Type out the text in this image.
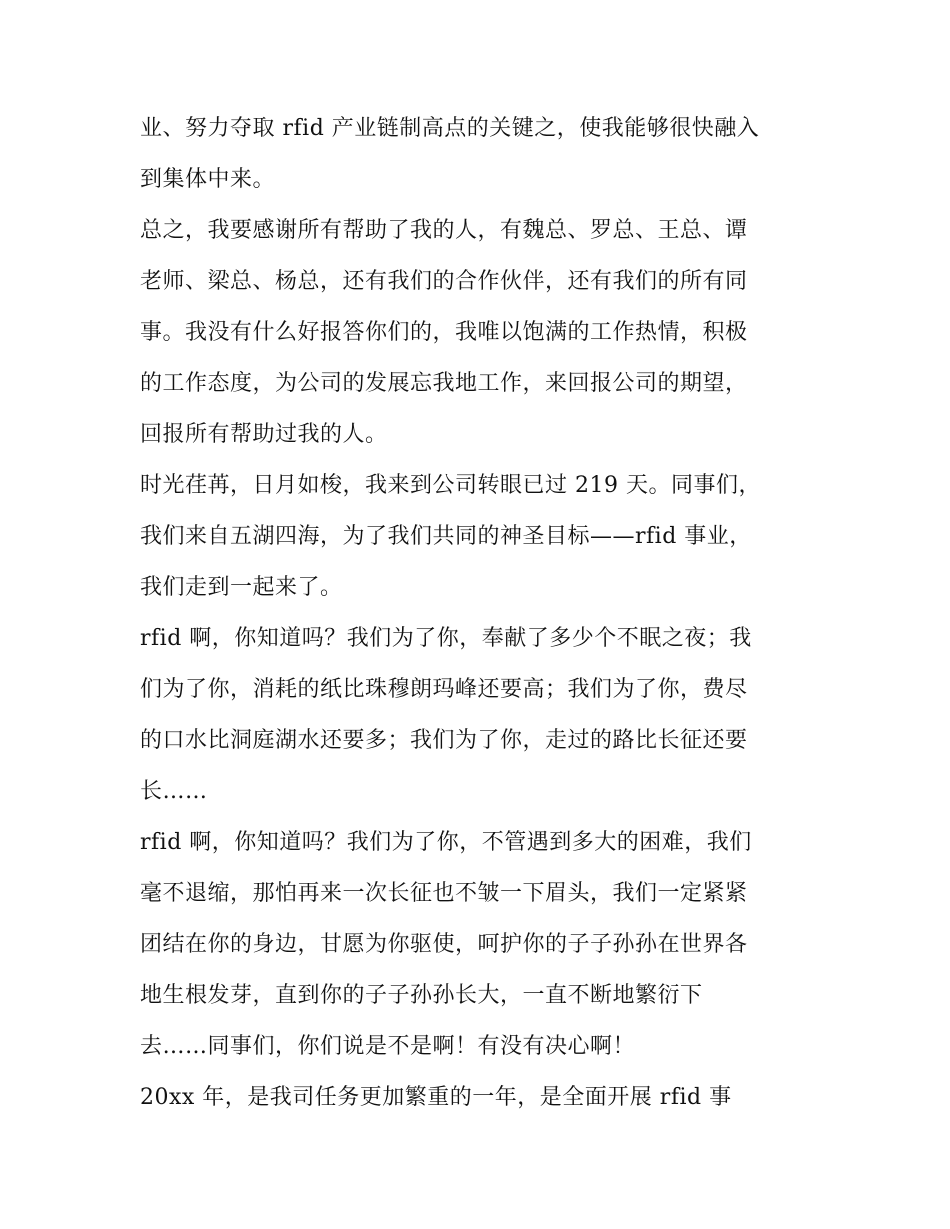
业、努力夺取 rfid 产业链制高点的关键之，使我能够很快融入
到集体中来。
总之，我要感谢所有帮助了我的人，有魏总、罗总、王总、谭
老师、梁总、杨总，还有我们的合作伙伴，还有我们的所有同
事。我没有什么好报答你们的，我唯以饱满的工作热情，积极
的工作态度，为公司的发展忘我地工作，来回报公司的期望，
回报所有帮助过我的人。
时光荏苒，日月如梭，我来到公司转眼已过 219 天。同事们，
我们来自五湖四海，为了我们共同的神圣目标——rfid 事业，
我们走到一起来了。
rfid 啊，你知道吗？我们为了你，奉献了多少个不眠之夜；我
们为了你，消耗的纸比珠穆朗玛峰还要高；我们为了你，费尽
的口水比洞庭湖水还要多；我们为了你，走过的路比长征还要
长……
rfid 啊，你知道吗？我们为了你，不管遇到多大的困难，我们
毫不退缩，那怕再来一次长征也不皱一下眉头，我们一定紧紧
团结在你的身边，甘愿为你驱使，呵护你的子子孙孙在世界各
地生根发芽，直到你的子子孙孙长大，一直不断地繁衍下
去……同事们，你们说是不是啊！有没有决心啊！
20xx 年，是我司任务更加繁重的一年，是全面开展 rfid 事
